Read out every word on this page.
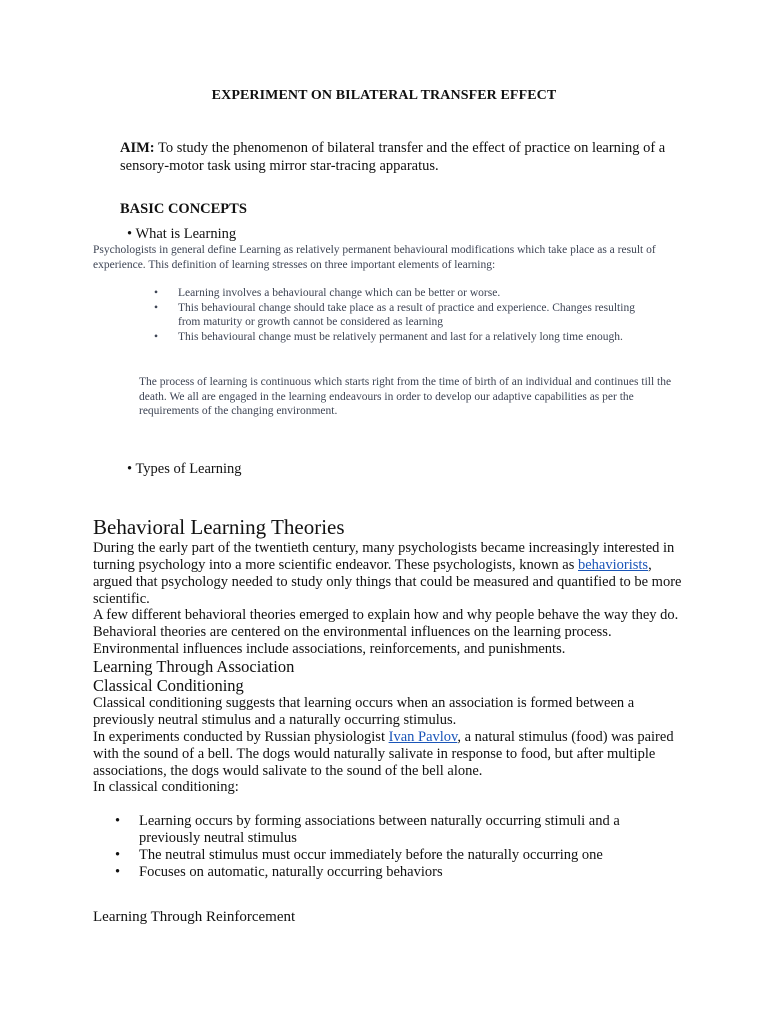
EXPERIMENT ON BILATERAL TRANSFER EFFECT
AIM: To study the phenomenon of bilateral transfer and the effect of practice on learning of a sensory-motor task using mirror star-tracing apparatus.
BASIC CONCEPTS
• What is Learning
Psychologists in general define Learning as relatively permanent behavioural modifications which take place as a result of experience. This definition of learning stresses on three important elements of learning:
• Learning involves a behavioural change which can be better or worse.
• This behavioural change should take place as a result of practice and experience. Changes resulting from maturity or growth cannot be considered as learning
• This behavioural change must be relatively permanent and last for a relatively long time enough.
The process of learning is continuous which starts right from the time of birth of an individual and continues till the death. We all are engaged in the learning endeavours in order to develop our adaptive capabilities as per the requirements of the changing environment.
• Types of Learning
Behavioral Learning Theories
During the early part of the twentieth century, many psychologists became increasingly interested in turning psychology into a more scientific endeavor. These psychologists, known as behaviorists, argued that psychology needed to study only things that could be measured and quantified to be more scientific.
A few different behavioral theories emerged to explain how and why people behave the way they do. Behavioral theories are centered on the environmental influences on the learning process. Environmental influences include associations, reinforcements, and punishments.
Learning Through Association
Classical Conditioning
Classical conditioning suggests that learning occurs when an association is formed between a previously neutral stimulus and a naturally occurring stimulus.
In experiments conducted by Russian physiologist Ivan Pavlov, a natural stimulus (food) was paired with the sound of a bell. The dogs would naturally salivate in response to food, but after multiple associations, the dogs would salivate to the sound of the bell alone.
In classical conditioning:
• Learning occurs by forming associations between naturally occurring stimuli and a previously neutral stimulus
• The neutral stimulus must occur immediately before the naturally occurring one
• Focuses on automatic, naturally occurring behaviors
Learning Through Reinforcement
